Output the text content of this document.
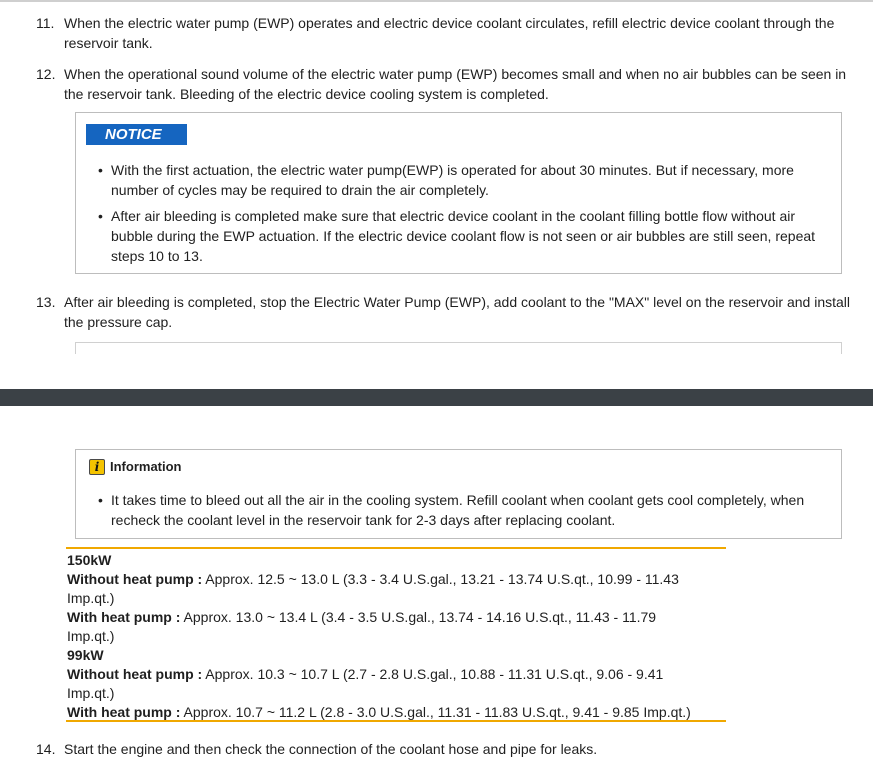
11. When the electric water pump (EWP) operates and electric device coolant circulates, refill electric device coolant through the reservoir tank.
12. When the operational sound volume of the electric water pump (EWP) becomes small and when no air bubbles can be seen in the reservoir tank. Bleeding of the electric device cooling system is completed.
NOTICE
• With the first actuation, the electric water pump(EWP) is operated for about 30 minutes. But if necessary, more number of cycles may be required to drain the air completely.
• After air bleeding is completed make sure that electric device coolant in the coolant filling bottle flow without air bubble during the EWP actuation. If the electric device coolant flow is not seen or air bubbles are still seen, repeat steps 10 to 13.
13. After air bleeding is completed, stop the Electric Water Pump (EWP), add coolant to the "MAX" level on the reservoir and install the pressure cap.
i Information
• It takes time to bleed out all the air in the cooling system. Refill coolant when coolant gets cool completely, when recheck the coolant level in the reservoir tank for 2-3 days after replacing coolant.
150kW
Without heat pump : Approx. 12.5 ~ 13.0 L (3.3 - 3.4 U.S.gal., 13.21 - 13.74 U.S.qt., 10.99 - 11.43
Imp.qt.)
With heat pump : Approx. 13.0 ~ 13.4 L (3.4 - 3.5 U.S.gal., 13.74 - 14.16 U.S.qt., 11.43 - 11.79
Imp.qt.)
99kW
Without heat pump : Approx. 10.3 ~ 10.7 L (2.7 - 2.8 U.S.gal., 10.88 - 11.31 U.S.qt., 9.06 - 9.41
Imp.qt.)
With heat pump : Approx. 10.7 ~ 11.2 L (2.8 - 3.0 U.S.gal., 11.31 - 11.83 U.S.qt., 9.41 - 9.85 Imp.qt.)
14. Start the engine and then check the connection of the coolant hose and pipe for leaks.
